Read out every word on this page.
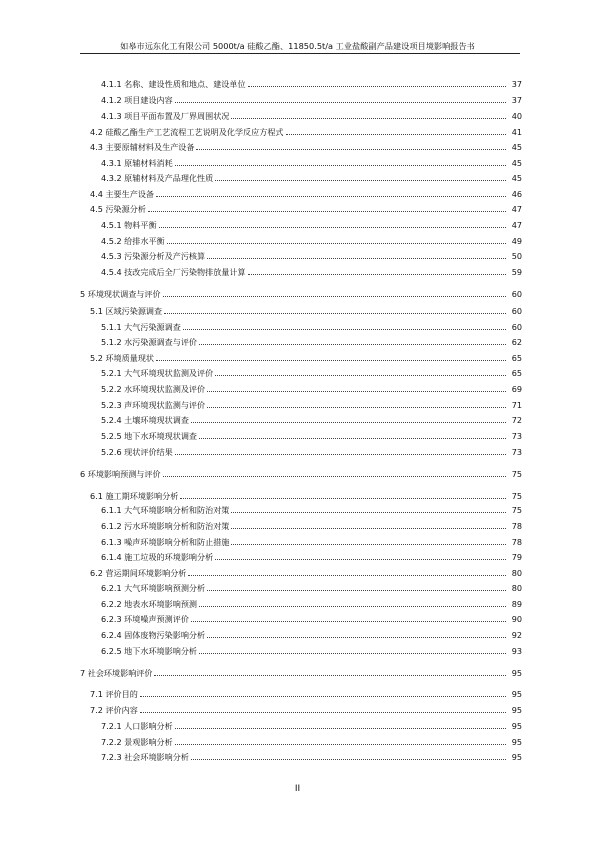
如皋市远东化工有限公司 5000t/a 硅酸乙酯、11850.5t/a 工业盐酸副产品建设项目境影响报告书
4.1.1 名称、建设性质和地点、建设单位	37
4.1.2 项目建设内容	37
4.1.3 项目平面布置及厂界周围状况	40
4.2 硅酸乙酯生产工艺流程工艺说明及化学反应方程式	41
4.3 主要原辅材料及生产设备	45
4.3.1 原辅材料消耗	45
4.3.2 原辅材料及产品理化性质	45
4.4 主要生产设备	46
4.5 污染源分析	47
4.5.1 物料平衡	47
4.5.2 给排水平衡	49
4.5.3 污染源分析及产污核算	50
4.5.4 技改完成后全厂污染物排放量计算	59
5 环境现状调查与评价	60
5.1 区域污染源调查	60
5.1.1 大气污染源调查	60
5.1.2 水污染源调查与评价	62
5.2 环境质量现状	65
5.2.1 大气环境现状监测及评价	65
5.2.2 水环境现状监测及评价	69
5.2.3 声环境现状监测与评价	71
5.2.4 土壤环境现状调查	72
5.2.5 地下水环境现状调查	73
5.2.6 现状评价结果	73
6 环境影响预测与评价	75
6.1 施工期环境影响分析	75
6.1.1 大气环境影响分析和防治对策	75
6.1.2 污水环境影响分析和防治对策	78
6.1.3 噪声环境影响分析和防止措施	78
6.1.4 施工垃圾的环境影响分析	79
6.2 营运期间环境影响分析	80
6.2.1 大气环境影响预测分析	80
6.2.2 地表水环境影响预测	89
6.2.3 环境噪声预测评价	90
6.2.4 固体废物污染影响分析	92
6.2.5 地下水环境影响分析	93
7 社会环境影响评价	95
7.1 评价目的	95
7.2 评价内容	95
7.2.1 人口影响分析	95
7.2.2 景观影响分析	95
7.2.3 社会环境影响分析	95
II
